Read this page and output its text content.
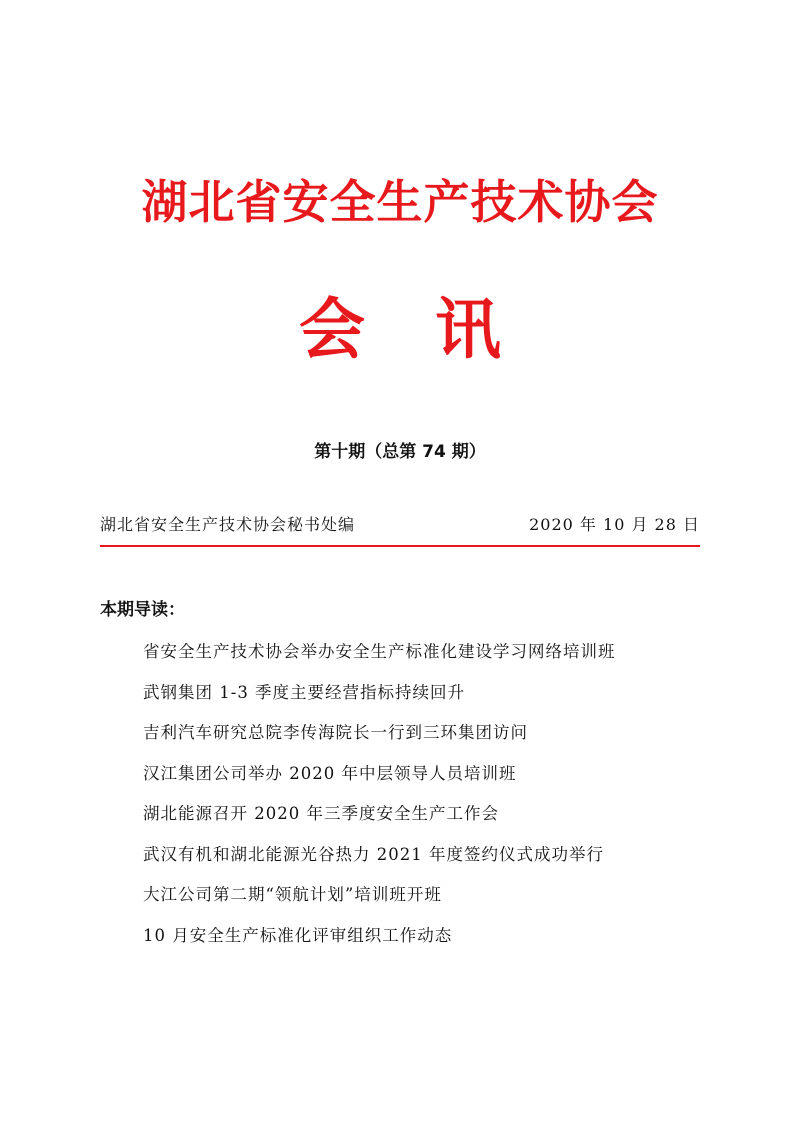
湖北省安全生产技术协会
会讯
第十期（总第 74 期）
湖北省安全生产技术协会秘书处编	2020 年 10 月 28 日
本期导读：
省安全生产技术协会举办安全生产标准化建设学习网络培训班
武钢集团 1-3 季度主要经营指标持续回升
吉利汽车研究总院李传海院长一行到三环集团访问
汉江集团公司举办 2020 年中层领导人员培训班
湖北能源召开 2020 年三季度安全生产工作会
武汉有机和湖北能源光谷热力 2021 年度签约仪式成功举行
大江公司第二期“领航计划”培训班开班
10 月安全生产标准化评审组织工作动态
